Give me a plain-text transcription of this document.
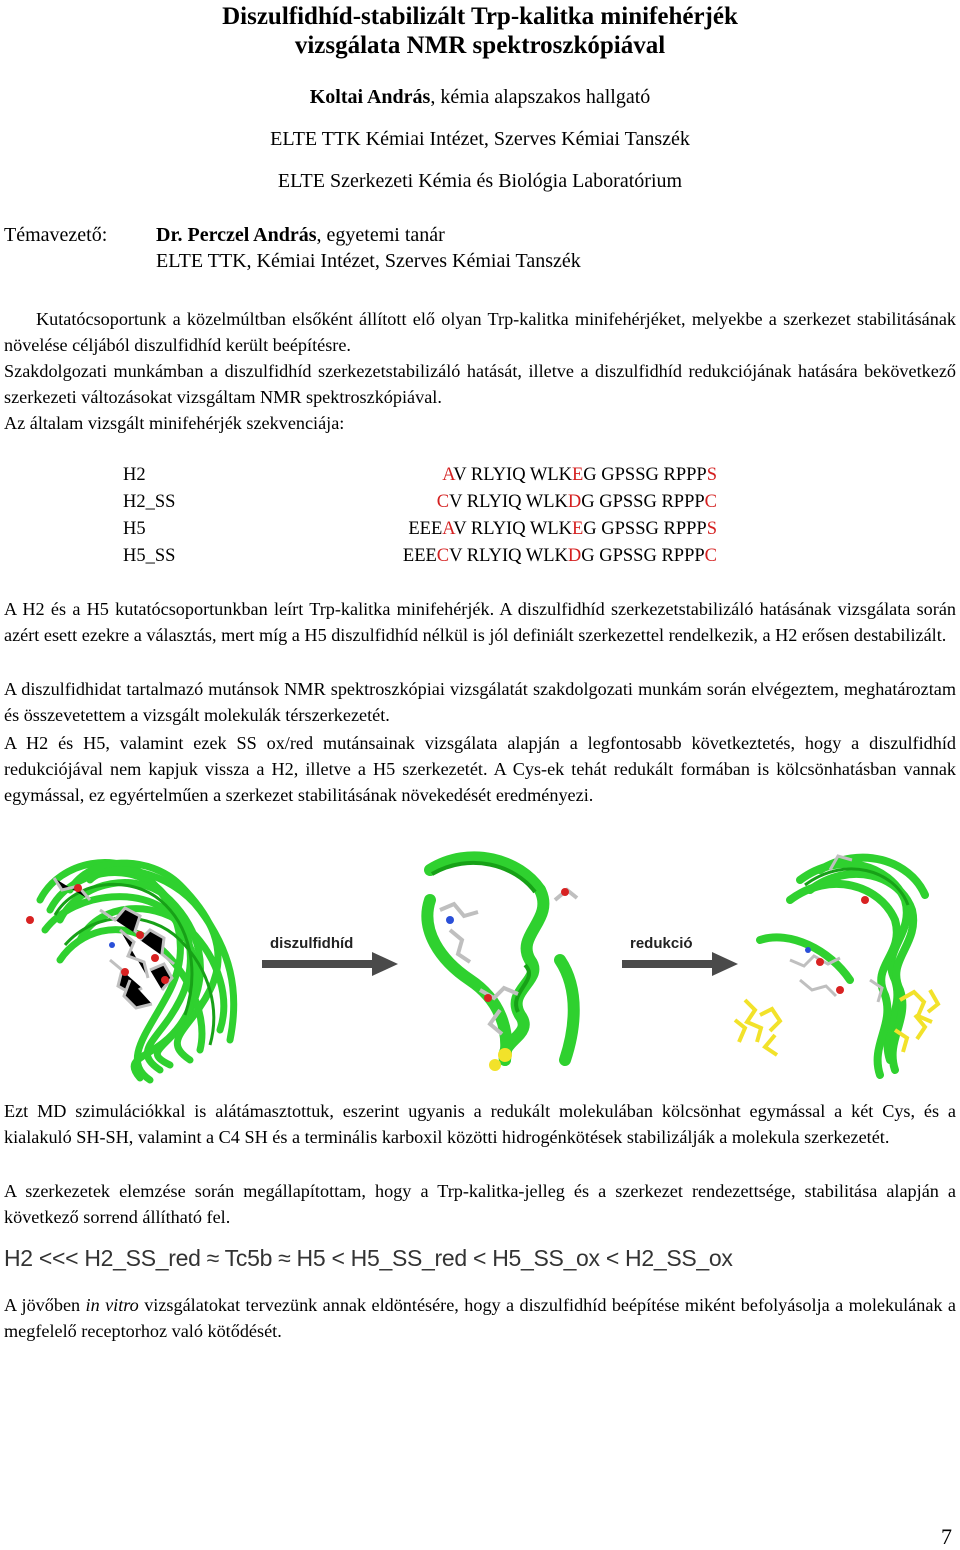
Diszulfidhíd-stabilizált Trp-kalitka minifehérjék
vizsgálata NMR spektroszkópiával
Koltai András, kémia alapszakos hallgató
ELTE TTK Kémiai Intézet, Szerves Kémiai Tanszék
ELTE Szerkezeti Kémia és Biológia Laboratórium
Témavezető: Dr. Perczel András, egyetemi tanár
ELTE TTK, Kémiai Intézet, Szerves Kémiai Tanszék
Kutatócsoportunk a közelmúltban elsőként állított elő olyan Trp-kalitka minifehérjéket, melyekbe a szerkezet stabilitásának növelése céljából diszulfidhíd került beépítésre.
Szakdolgozati munkámban a diszulfidhíd szerkezetstabilizáló hatását, illetve a diszulfidhíd redukciójának hatására bekövetkező szerkezeti változásokat vizsgáltam NMR spektroszkópiával.
Az általam vizsgált minifehérjék szekvenciája:
H2	AV RLYIQ WLKEG GPSSG RPPPS
H2_SS	CV RLYIQ WLKDG GPSSG RPPPC
H5	EEEAV RLYIQ WLKEG GPSSG RPPPS
H5_SS	EEECV RLYIQ WLKDG GPSSG RPPPC
A H2 és a H5 kutatócsoportunkban leírt Trp-kalitka minifehérjék. A diszulfidhíd szerkezetstabilizáló hatásának vizsgálata során azért esett ezekre a választás, mert míg a H5 diszulfidhíd nélkül is jól definiált szerkezettel rendelkezik, a H2 erősen destabilizált.
A diszulfidhidat tartalmazó mutánsok NMR spektroszkópiai vizsgálatát szakdolgozati munkám során elvégeztem, meghatároztam és összevetettem a vizsgált molekulák térszerkezetét.
A H2 és H5, valamint ezek SS ox/red mutánsainak vizsgálata alapján a legfontosabb következtetés, hogy a diszulfidhíd redukciójával nem kapjuk vissza a H2, illetve a H5 szerkezetét. A Cys-ek tehát redukált formában is kölcsönhatásban vannak egymással, ez egyértelműen a szerkezet stabilitásának növekedését eredményezi.
diszulfidhíd	redukció
Ezt MD szimulációkkal is alátámasztottuk, eszerint ugyanis a redukált molekulában kölcsönhat egymással a két Cys, és a kialakuló SH-SH, valamint a C4 SH és a terminális karboxil közötti hidrogénkötések stabilizálják a molekula szerkezetét.
A szerkezetek elemzése során megállapítottam, hogy a Trp-kalitka-jelleg és a szerkezet rendezettsége, stabilitása alapján a következő sorrend állítható fel.
H2 <<< H2_SS_red ≈ Tc5b ≈ H5 < H5_SS_red < H5_SS_ox < H2_SS_ox
A jövőben in vitro vizsgálatokat tervezünk annak eldöntésére, hogy a diszulfidhíd beépítése miként befolyásolja a molekulának a megfelelő receptorhoz való kötődését.
7
